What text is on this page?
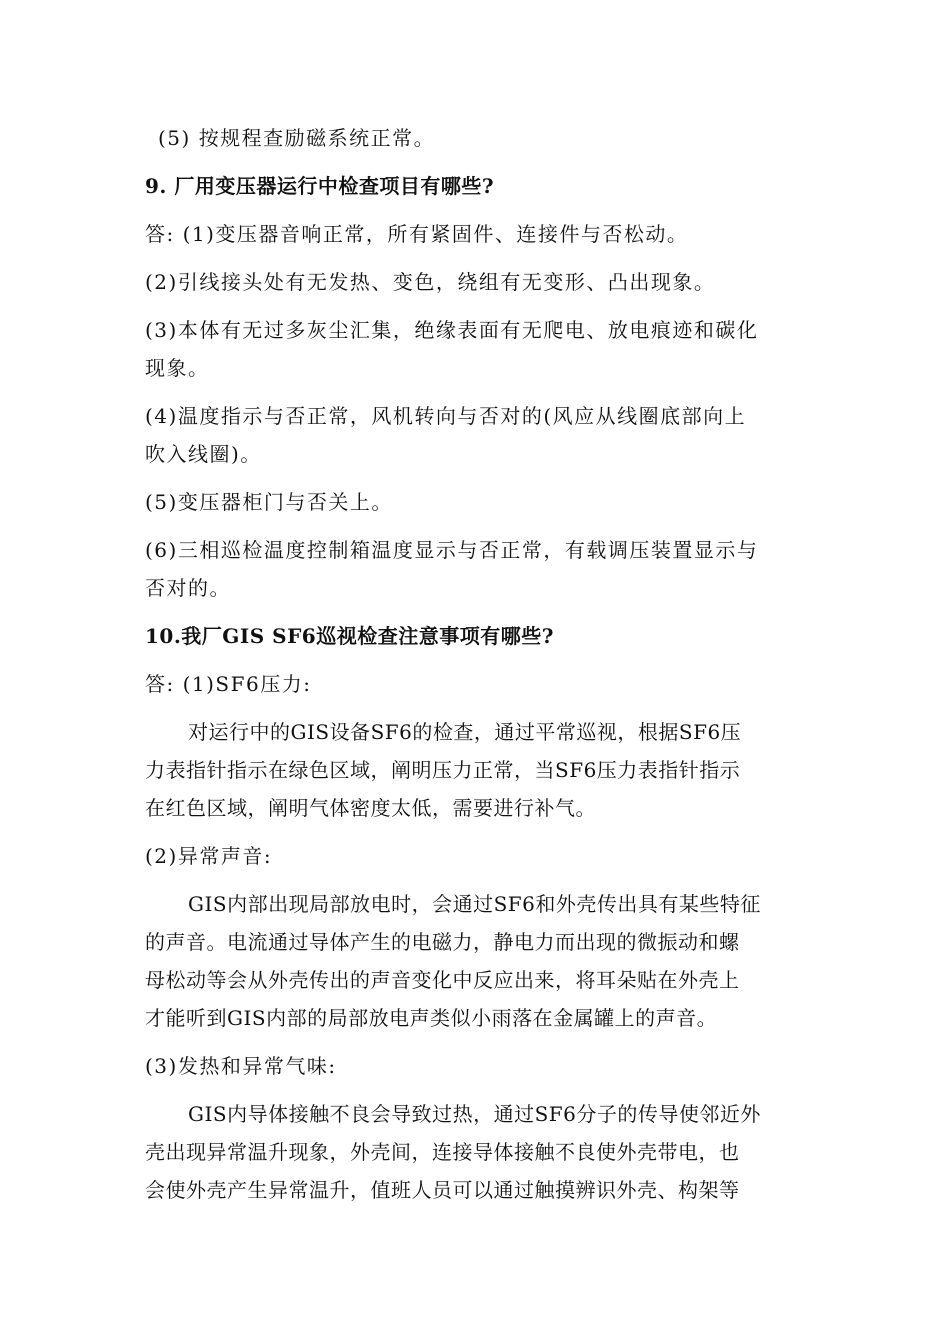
(5) 按规程查励磁系统正常。
9. 厂用变压器运行中检查项目有哪些?
答: (1)变压器音响正常，所有紧固件、连接件与否松动。
(2)引线接头处有无发热、变色，绕组有无变形、凸出现象。
(3)本体有无过多灰尘汇集，绝缘表面有无爬电、放电痕迹和碳化
现象。
(4)温度指示与否正常，风机转向与否对的(风应从线圈底部向上
吹入线圈)。
(5)变压器柜门与否关上。
(6)三相巡检温度控制箱温度显示与否正常，有载调压装置显示与
否对的。
10.我厂GIS SF6巡视检查注意事项有哪些?
答: (1)SF6压力:
对运行中的GIS设备SF6的检查，通过平常巡视，根据SF6压
力表指针指示在绿色区域，阐明压力正常，当SF6压力表指针指示
在红色区域，阐明气体密度太低，需要进行补气。
(2)异常声音:
GIS内部出现局部放电时，会通过SF6和外壳传出具有某些特征
的声音。电流通过导体产生的电磁力，静电力而出现的微振动和螺
母松动等会从外壳传出的声音变化中反应出来，将耳朵贴在外壳上
才能听到GIS内部的局部放电声类似小雨落在金属罐上的声音。
(3)发热和异常气味:
GIS内导体接触不良会导致过热，通过SF6分子的传导使邻近外
壳出现异常温升现象，外壳间，连接导体接触不良使外壳带电，也
会使外壳产生异常温升，值班人员可以通过触摸辨识外壳、构架等
